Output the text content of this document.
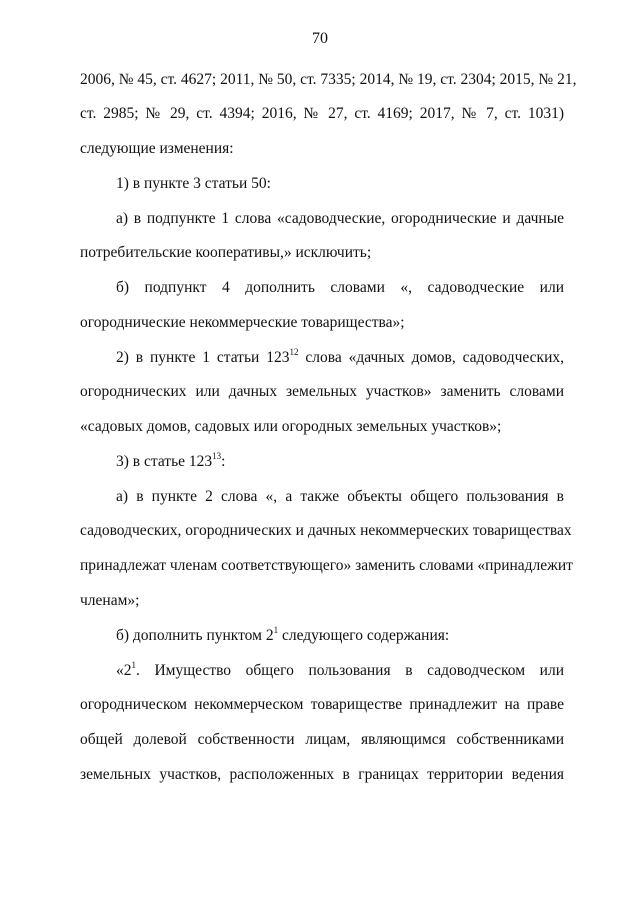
70
2006, № 45, ст. 4627; 2011, № 50, ст. 7335; 2014, № 19, ст. 2304; 2015, № 21,
ст. 2985; № 29, ст. 4394; 2016, № 27, ст. 4169; 2017, № 7, ст. 1031)
следующие изменения:
1) в пункте 3 статьи 50:
а) в подпункте 1 слова «садоводческие, огороднические и дачные
потребительские кооперативы,» исключить;
б) подпункт 4 дополнить словами «, садоводческие или
огороднические некоммерческие товарищества»;
2) в пункте 1 статьи $123^{12}$ слова «дачных домов, садоводческих,
огороднических или дачных земельных участков» заменить словами
«садовых домов, садовых или огородных земельных участков»;
3) в статье $123^{13}$:
а) в пункте 2 слова «, а также объекты общего пользования в
садоводческих, огороднических и дачных некоммерческих товариществах
принадлежат членам соответствующего» заменить словами «принадлежит
членам»;
б) дополнить пунктом $2^1$ следующего содержания:
«$2^1$. Имущество общего пользования в садоводческом или
огородническом некоммерческом товариществе принадлежит на праве
общей долевой собственности лицам, являющимся собственниками
земельных участков, расположенных в границах территории ведения
